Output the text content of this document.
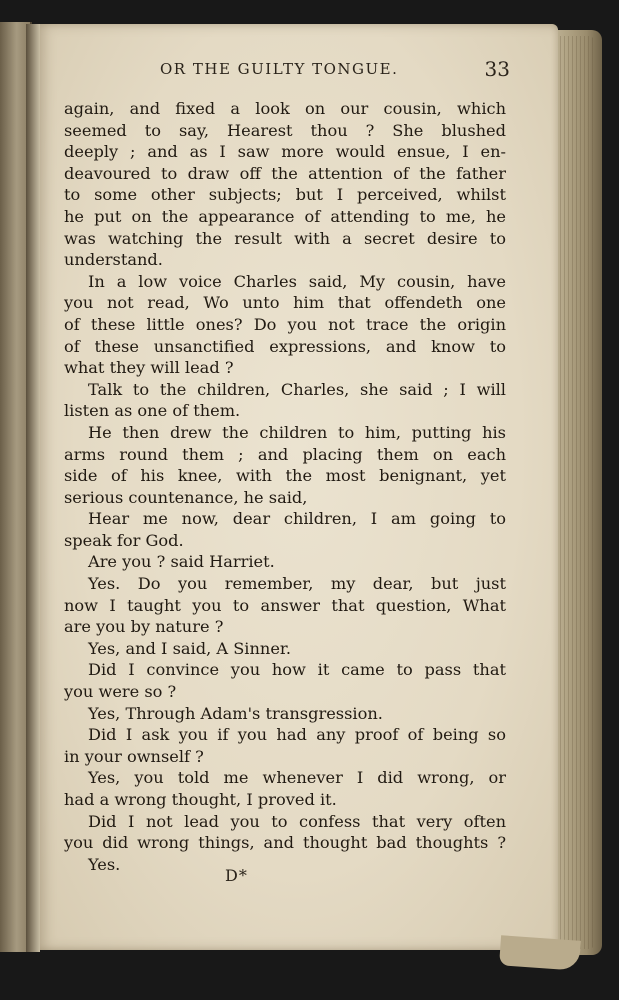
OR THE GUILTY TONGUE.	33
again, and fixed a look on our cousin, which
seemed to say, Hearest thou ? She blushed
deeply ; and as I saw more would ensue, I en-
deavoured to draw off the attention of the father
to some other subjects; but I perceived, whilst
he put on the appearance of attending to me, he
was watching the result with a secret desire to
understand.
In a low voice Charles said, My cousin, have
you not read, Wo unto him that offendeth one
of these little ones? Do you not trace the origin
of these unsanctified expressions, and know to
what they will lead ?
Talk to the children, Charles, she said ; I will
listen as one of them.
He then drew the children to him, putting his
arms round them ; and placing them on each
side of his knee, with the most benignant, yet
serious countenance, he said,
Hear me now, dear children, I am going to
speak for God.
Are you ? said Harriet.
Yes. Do you remember, my dear, but just
now I taught you to answer that question, What
are you by nature ?
Yes, and I said, A Sinner.
Did I convince you how it came to pass that
you were so ?
Yes, Through Adam's transgression.
Did I ask you if you had any proof of being so
in your ownself ?
Yes, you told me whenever I did wrong, or
had a wrong thought, I proved it.
Did I not lead you to confess that very often
you did wrong things, and thought bad thoughts ?
Yes.
D*
